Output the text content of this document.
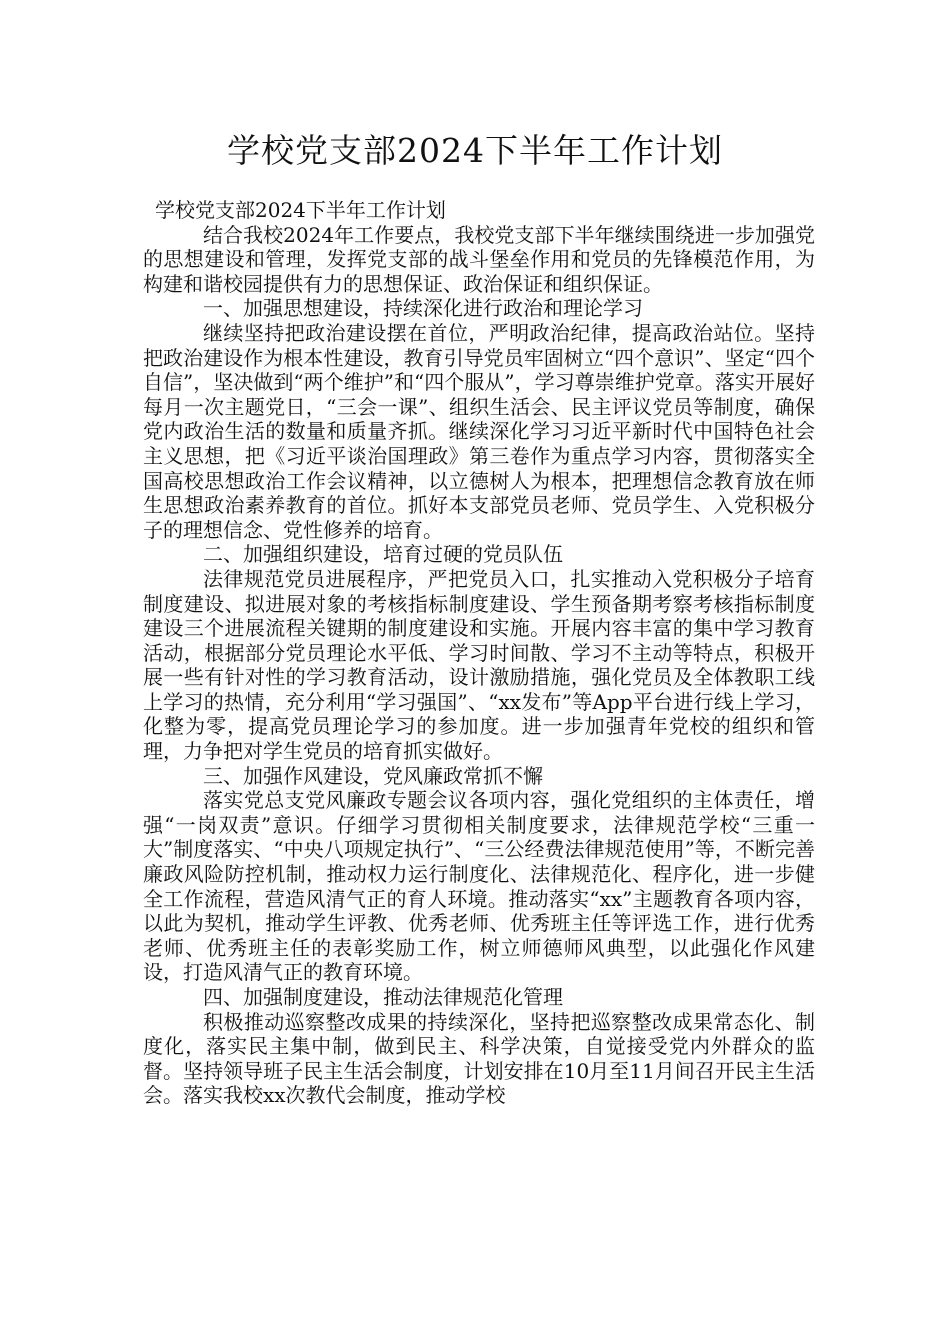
学校党支部2024下半年工作计划

学校党支部2024下半年工作计划

结合我校2024年工作要点，我校党支部下半年继续围绕进一步加强党的思想建设和管理，发挥党支部的战斗堡垒作用和党员的先锋模范作用，为构建和谐校园提供有力的思想保证、政治保证和组织保证。

一、加强思想建设，持续深化进行政治和理论学习

继续坚持把政治建设摆在首位，严明政治纪律，提高政治站位。坚持把政治建设作为根本性建设，教育引导党员牢固树立“四个意识”、坚定“四个自信”，坚决做到“两个维护”和“四个服从”，学习尊崇维护党章。落实开展好每月一次主题党日，“三会一课”、组织生活会、民主评议党员等制度，确保党内政治生活的数量和质量齐抓。继续深化学习习近平新时代中国特色社会主义思想，把《习近平谈治国理政》第三卷作为重点学习内容，贯彻落实全国高校思想政治工作会议精神，以立德树人为根本，把理想信念教育放在师生思想政治素养教育的首位。抓好本支部党员老师、党员学生、入党积极分子的理想信念、党性修养的培育。

二、加强组织建设，培育过硬的党员队伍

法律规范党员进展程序，严把党员入口，扎实推动入党积极分子培育制度建设、拟进展对象的考核指标制度建设、学生预备期考察考核指标制度建设三个进展流程关键期的制度建设和实施。开展内容丰富的集中学习教育活动，根据部分党员理论水平低、学习时间散、学习不主动等特点，积极开展一些有针对性的学习教育活动，设计激励措施，强化党员及全体教职工线上学习的热情，充分利用“学习强国”、“xx发布”等App平台进行线上学习，化整为零，提高党员理论学习的参加度。进一步加强青年党校的组织和管理，力争把对学生党员的培育抓实做好。

三、加强作风建设，党风廉政常抓不懈

落实党总支党风廉政专题会议各项内容，强化党组织的主体责任，增强“一岗双责”意识。仔细学习贯彻相关制度要求，法律规范学校“三重一大”制度落实、“中央八项规定执行”、“三公经费法律规范使用”等，不断完善廉政风险防控机制，推动权力运行制度化、法律规范化、程序化，进一步健全工作流程，营造风清气正的育人环境。推动落实“xx”主题教育各项内容，以此为契机，推动学生评教、优秀老师、优秀班主任等评选工作，进行优秀老师、优秀班主任的表彰奖励工作，树立师德师风典型，以此强化作风建设，打造风清气正的教育环境。

四、加强制度建设，推动法律规范化管理

积极推动巡察整改成果的持续深化，坚持把巡察整改成果常态化、制度化，落实民主集中制，做到民主、科学决策，自觉接受党内外群众的监督。坚持领导班子民主生活会制度，计划安排在10月至11月间召开民主生活会。落实我校xx次教代会制度，推动学校
